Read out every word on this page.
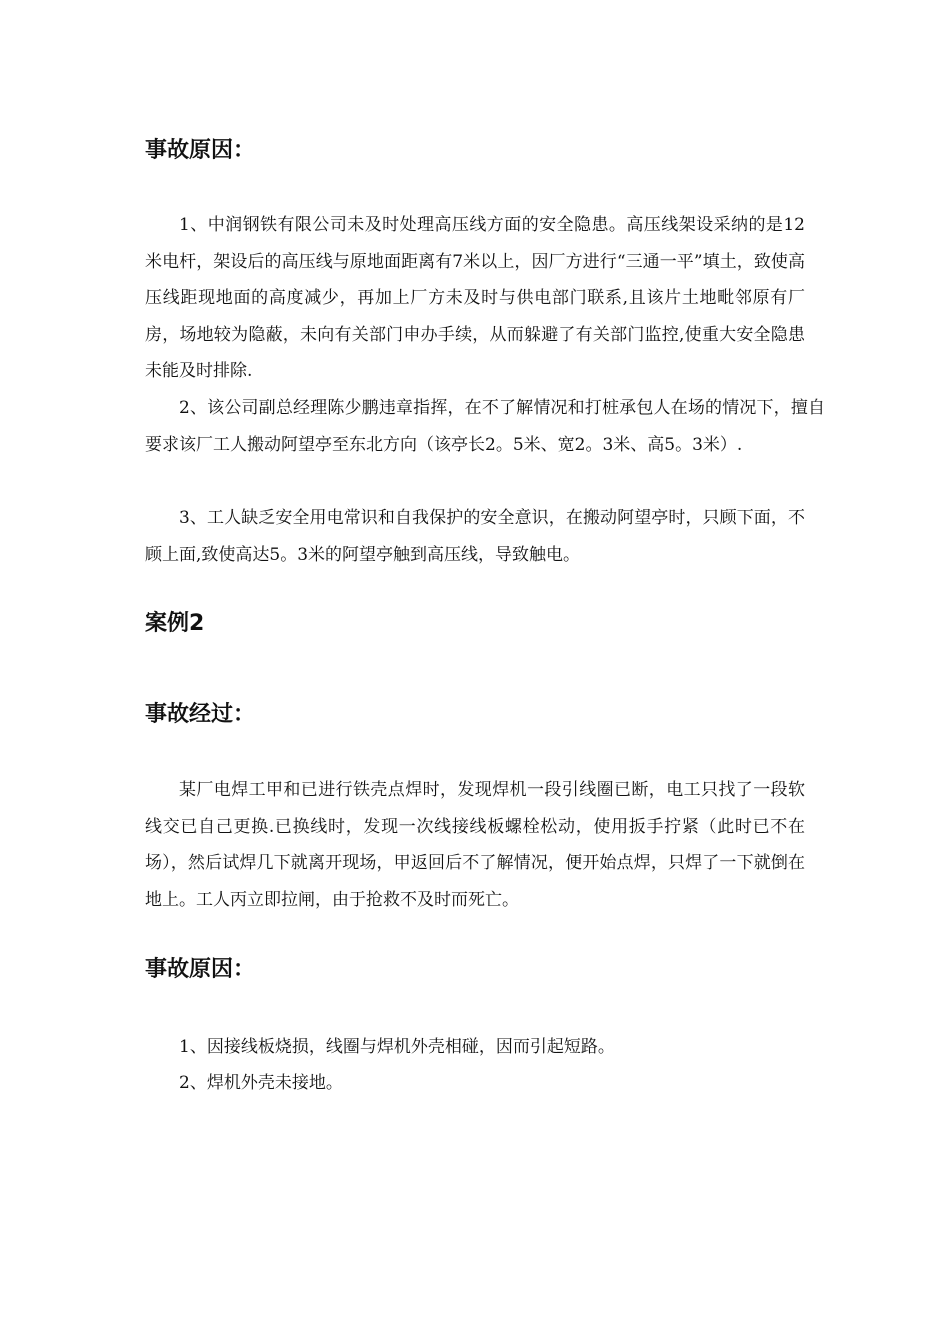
事故原因：

1、中润钢铁有限公司未及时处理高压线方面的安全隐患。高压线架设采纳的是12米电杆，架设后的高压线与原地面距离有7米以上，因厂方进行“三通一平”填土，致使高压线距现地面的高度减少，再加上厂方未及时与供电部门联系,且该片土地毗邻原有厂房，场地较为隐蔽，未向有关部门申办手续，从而躲避了有关部门监控,使重大安全隐患未能及时排除.

2、该公司副总经理陈少鹏违章指挥，在不了解情况和打桩承包人在场的情况下，擅自要求该厂工人搬动阿望亭至东北方向（该亭长2。5米、宽2。3米、高5。3米）.

3、工人缺乏安全用电常识和自我保护的安全意识，在搬动阿望亭时，只顾下面，不顾上面,致使高达5。3米的阿望亭触到高压线，导致触电。

案例2
事故经过：

某厂电焊工甲和已进行铁壳点焊时，发现焊机一段引线圈已断，电工只找了一段软线交已自己更换.已换线时，发现一次线接线板螺栓松动，使用扳手拧紧（此时已不在场），然后试焊几下就离开现场，甲返回后不了解情况，便开始点焊，只焊了一下就倒在地上。工人丙立即拉闸，由于抢救不及时而死亡。

事故原因：

1、因接线板烧损，线圈与焊机外壳相碰，因而引起短路。

2、焊机外壳未接地。
